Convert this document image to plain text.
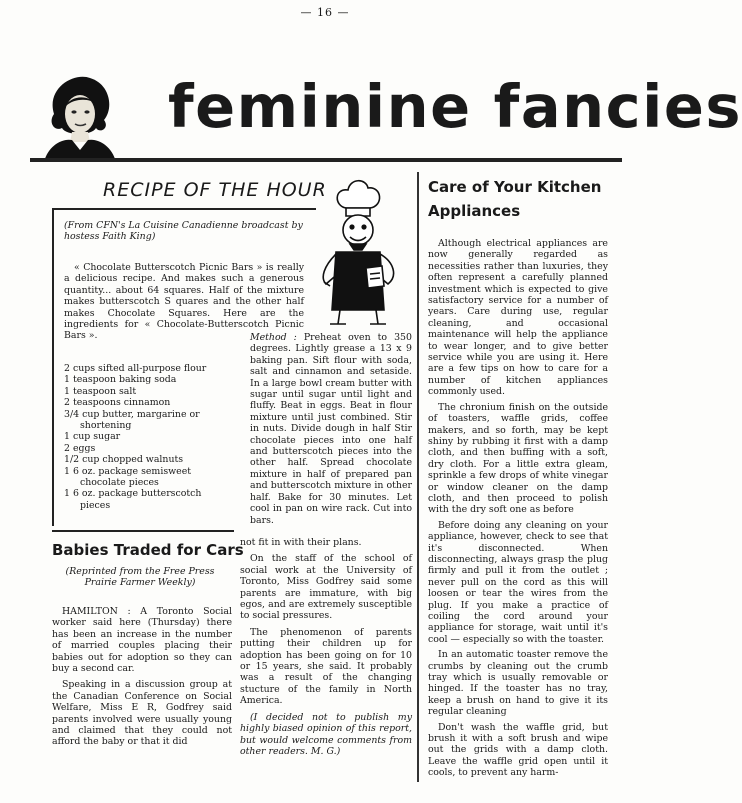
— 16 —
feminine fancies
RECIPE OF THE HOUR
(From CFN's La Cuisine Canadienne broadcast by hostess Faith King)
« Chocolate Butterscotch Picnic Bars » is really a delicious recipe. And makes such a generous quantity... about 64 squares. Half of the mixture makes butterscotch S quares and the other half makes Chocolate Squares. Here are the ingredients for « Chocolate-Butterscotch Picnic Bars ».
2 cups sifted all-purpose flour
1 teaspoon baking soda
1 teaspoon salt
2 teaspoons cinnamon
3/4 cup butter, margarine or
shortening
1 cup sugar
2 eggs
1/2 cup chopped walnuts
1 6 oz. package semisweet
chocolate pieces
1 6 oz. package butterscotch
pieces
Method : Preheat oven to 350 degrees. Lightly grease a 13 x 9 baking pan. Sift flour with soda, salt and cinnamon and setaside. In a large bowl cream butter with sugar until sugar until light and fluffy. Beat in eggs. Beat in flour mixture until just combined. Stir in nuts. Divide dough in half Stir chocolate pieces into one half and butterscotch pieces into the other half. Spread chocolate mixture in half of prepared pan and butterscotch mixture in other half. Bake for 30 minutes. Let cool in pan on wire rack. Cut into bars.
Babies Traded for Cars
(Reprinted from the Free Press Prairie Farmer Weekly)

HAMILTON : A Toronto Social worker said here (Thursday) there has been an increase in the number of married couples placing their babies out for adoption so they can buy a second car.

Speaking in a discussion group at the Canadian Conference on Social Welfare, Miss E R, Godfrey said parents involved were usually young and claimed that they could not afford the baby or that it did

not fit in with their plans.

On the staff of the school of social work at the University of Toronto, Miss Godfrey said some parents are immature, with big egos, and are extremely susceptible to social pressures.

The phenomenon of parents putting their children up for adoption has been going on for 10 or 15 years, she said. It probably was a result of the changing stucture of the family in North America.

(I decided not to publish my highly biased opinion of this report, but would welcome comments from other readers. M. G.)

Care of Your Kitchen Appliances

Although electrical appliances are now generally regarded as necessities rather than luxuries, they often represent a carefully planned investment which is expected to give satisfactory service for a number of years. Care during use, regular cleaning, and occasional maintenance will help the appliance to wear longer, and to give better service while you are using it. Here are a few tips on how to care for a number of kitchen appliances commonly used.

The chronium finish on the outside of toasters, waffle grids, coffee makers, and so forth, may be kept shiny by rubbing it first with a damp cloth, and then buffing with a soft, dry cloth. For a little extra gleam, sprinkle a few drops of white vinegar or window cleaner on the damp cloth, and then proceed to polish with the dry soft one as before

Before doing any cleaning on your appliance, however, check to see that it's disconnected. When disconnecting, always grasp the plug firmly and pull it from the outlet ; never pull on the cord as this will loosen or tear the wires from the plug. If you make a practice of coiling the cord around your appliance for storage, wait until it's cool — especially so with the toaster.

In an automatic toaster remove the crumbs by cleaning out the crumb tray which is usually removable or hinged. If the toaster has no tray, keep a brush on hand to give it its regular cleaning

Don't wash the waffle grid, but brush it with a soft brush and wipe out the grids with a damp cloth. Leave the waffle grid open until it cools, to prevent any harm-
